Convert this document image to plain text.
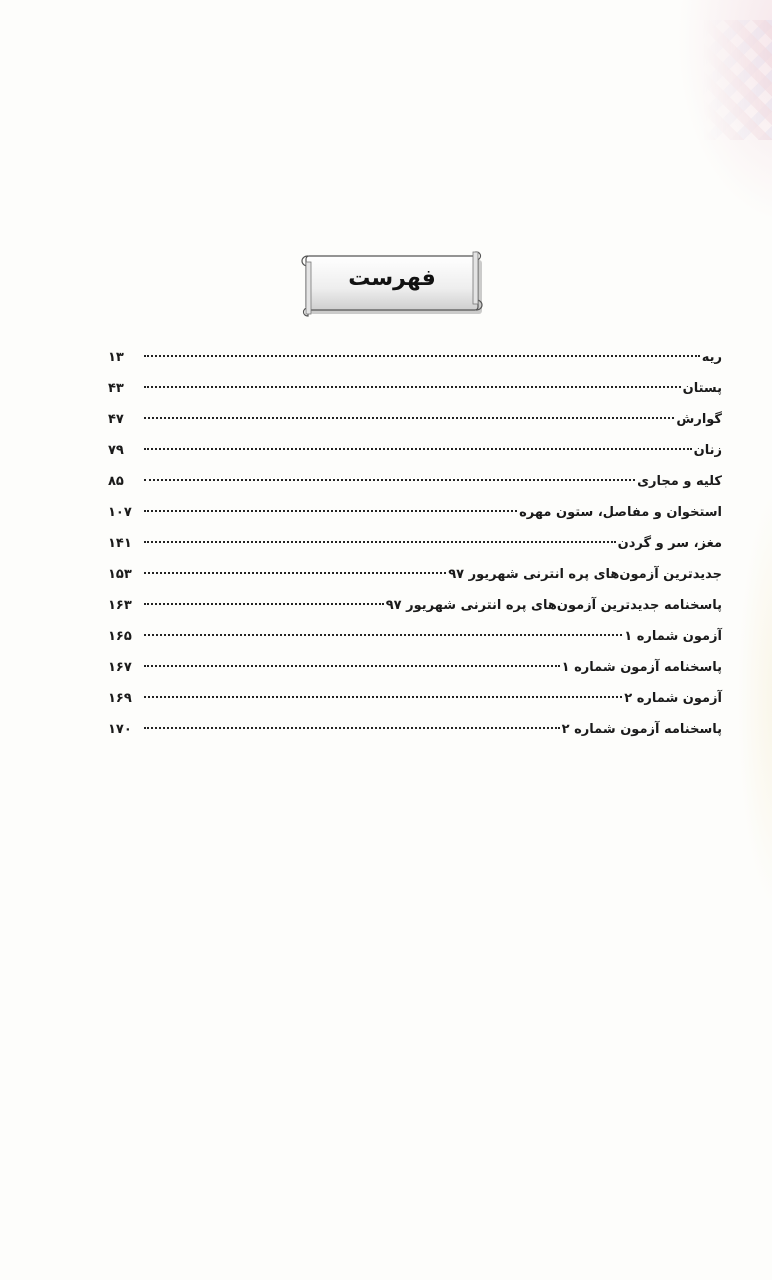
فهرست
ریه
۱۳
پستان
۴۳
گوارش
۴۷
زنان
۷۹
کلیه و مجاری
۸۵
استخوان و مفاصل، ستون مهره
۱۰۷
مغز، سر و گردن
۱۴۱
جدیدترین آزمون‌های پره انترنی شهریور ۹۷
۱۵۳
پاسخنامه جدیدترین آزمون‌های پره انترنی شهریور ۹۷
۱۶۳
آزمون شماره ۱
۱۶۵
پاسخنامه آزمون شماره ۱
۱۶۷
آزمون شماره ۲
۱۶۹
پاسخنامه آزمون شماره ۲
۱۷۰
